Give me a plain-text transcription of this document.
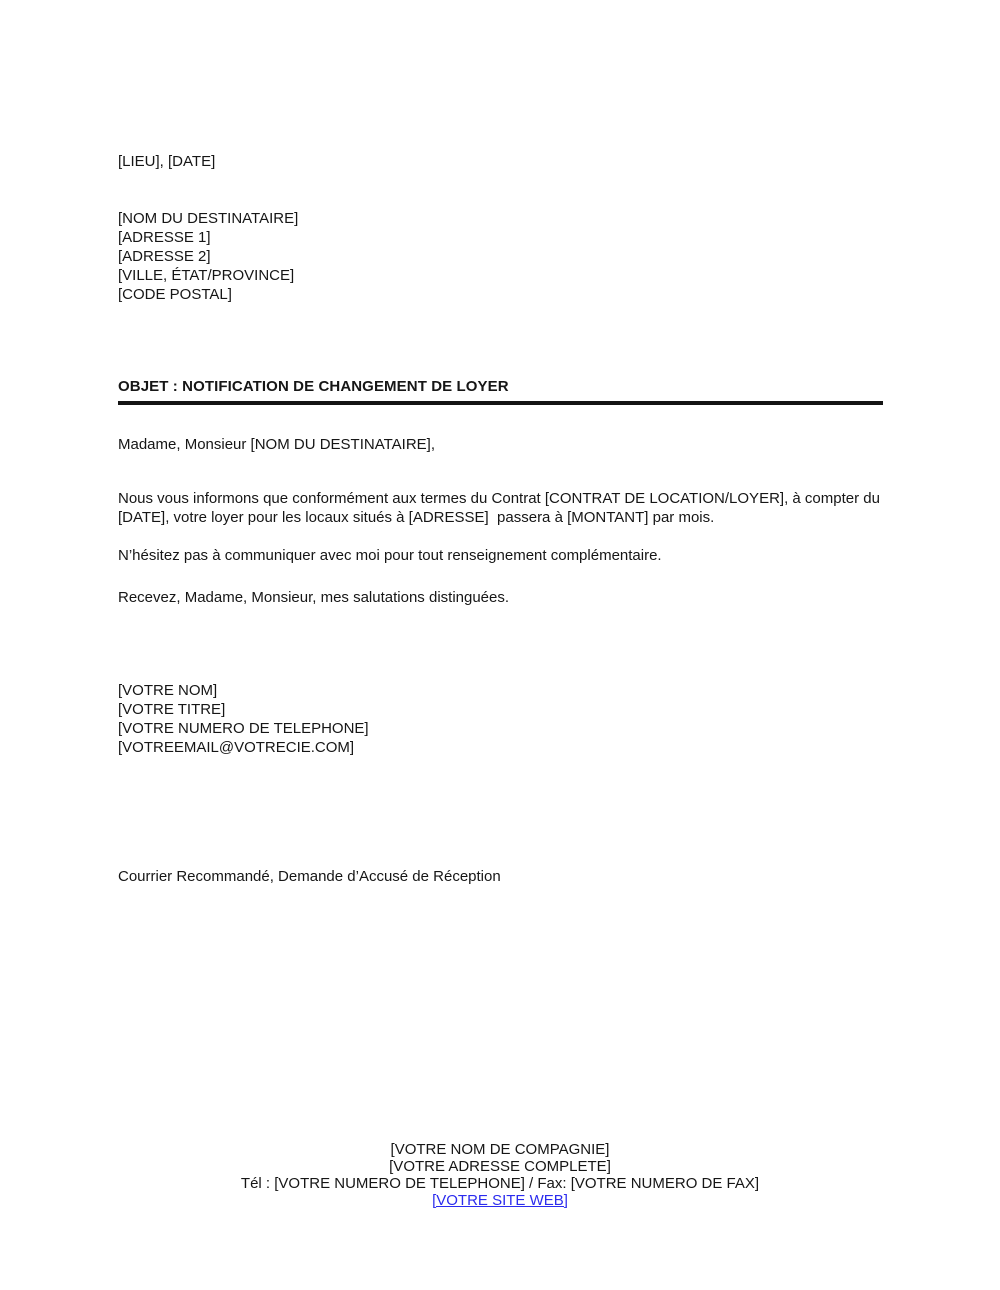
[LIEU], [DATE]
[NOM DU DESTINATAIRE]
[ADRESSE 1]
[ADRESSE 2]
[VILLE, ÉTAT/PROVINCE]
[CODE POSTAL]
OBJET : NOTIFICATION DE CHANGEMENT DE LOYER
Madame, Monsieur [NOM DU DESTINATAIRE],
Nous vous informons que conformément aux termes du Contrat [CONTRAT DE LOCATION/LOYER], à compter du [DATE], votre loyer pour les locaux situés à [ADRESSE]  passera à [MONTANT] par mois.
N’hésitez pas à communiquer avec moi pour tout renseignement complémentaire.
Recevez, Madame, Monsieur, mes salutations distinguées.
[VOTRE NOM]
[VOTRE TITRE]
[VOTRE NUMERO DE TELEPHONE]
[VOTREEMAIL@VOTRECIE.COM]
Courrier Recommandé, Demande d’Accusé de Réception
[VOTRE NOM DE COMPAGNIE]
[VOTRE ADRESSE COMPLETE]
Tél : [VOTRE NUMERO DE TELEPHONE] / Fax: [VOTRE NUMERO DE FAX]
[VOTRE SITE WEB]
